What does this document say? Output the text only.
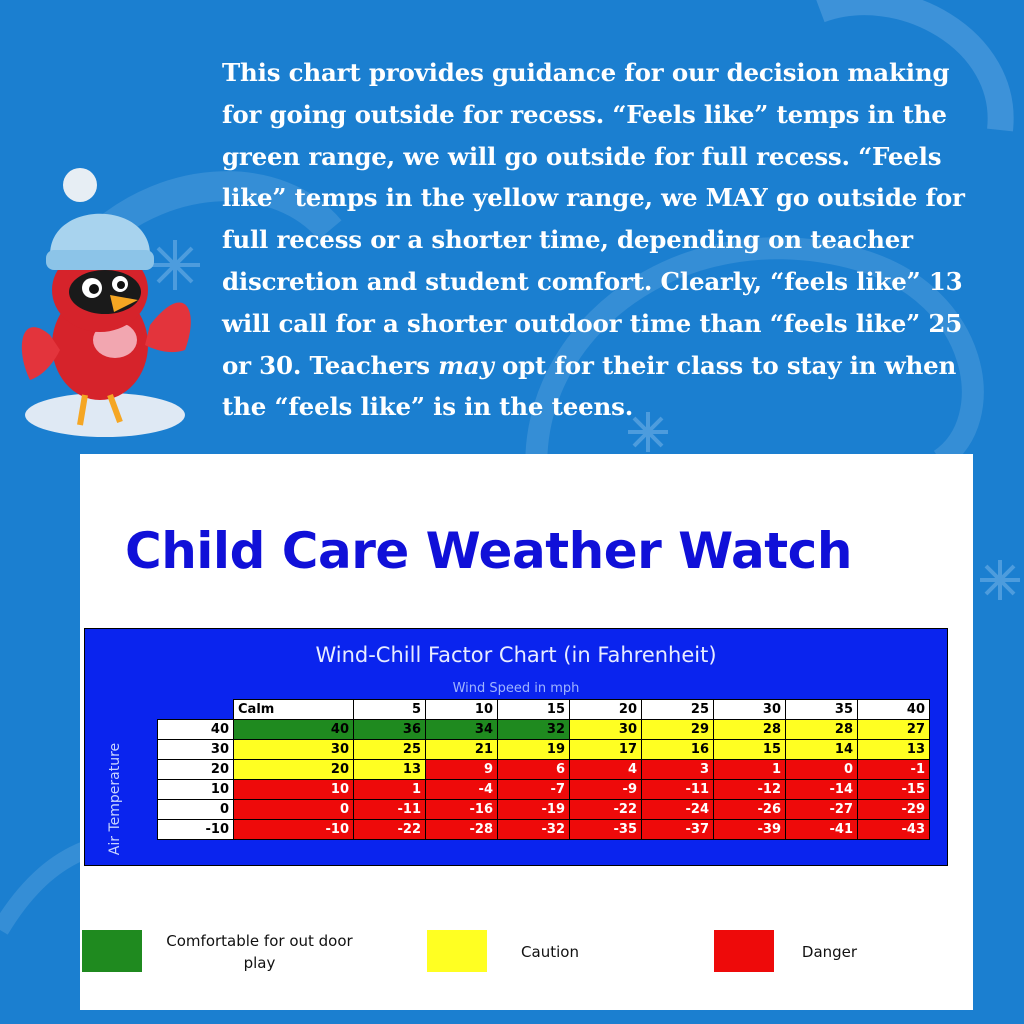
This chart provides guidance for our decision making
for going outside for recess. “Feels like” temps in the
green range, we will go outside for full recess. “Feels
like” temps in the yellow range, we MAY go outside for
full recess or a shorter time, depending on teacher
discretion and student comfort. Clearly, “feels like” 13
will call for a shorter outdoor time than “feels like” 25
or 30. Teachers may opt for their class to stay in when
the “feels like” is in the teens.
Child Care Weather Watch
Wind-Chill Factor Chart (in Fahrenheit)
Wind Speed in mph
Air Temperature
	Calm	5	10	15	20	25	30	35	40
40	40	36	34	32	30	29	28	28	27
30	30	25	21	19	17	16	15	14	13
20	20	13	9	6	4	3	1	0	-1
10	10	1	-4	-7	-9	-11	-12	-14	-15
0	0	-11	-16	-19	-22	-24	-26	-27	-29
-10	-10	-22	-28	-32	-35	-37	-39	-41	-43
Comfortable for out door
play
Caution	Danger
